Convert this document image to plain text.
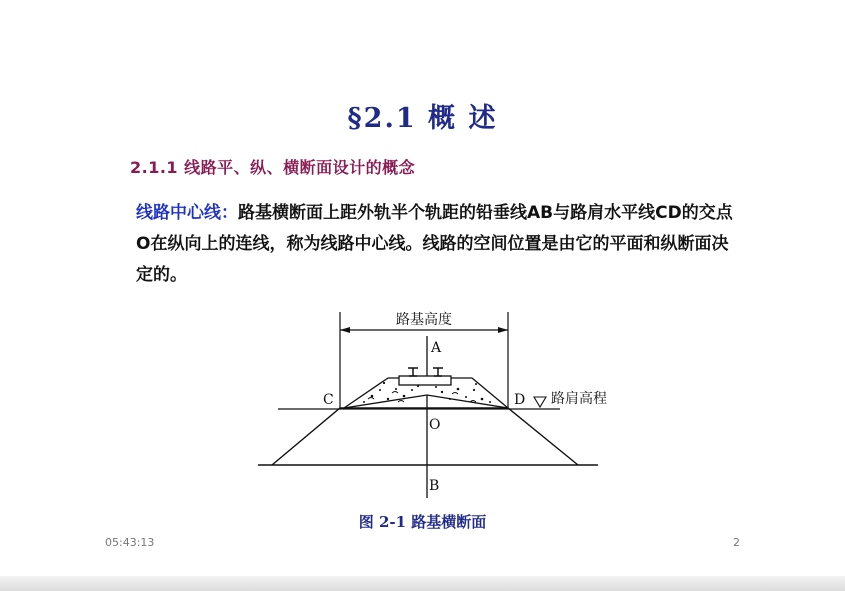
§2.1 概 述
2.1.1 线路平、纵、横断面设计的概念
线路中心线：路基横断面上距外轨半个轨距的铅垂线AB与路肩水平线CD的交点O在纵向上的连线，称为线路中心线。线路的空间位置是由它的平面和纵断面决定的。
路基高度
A
B
C	D
O
路肩高程
图 2-1 路基横断面
05:43:13	2
